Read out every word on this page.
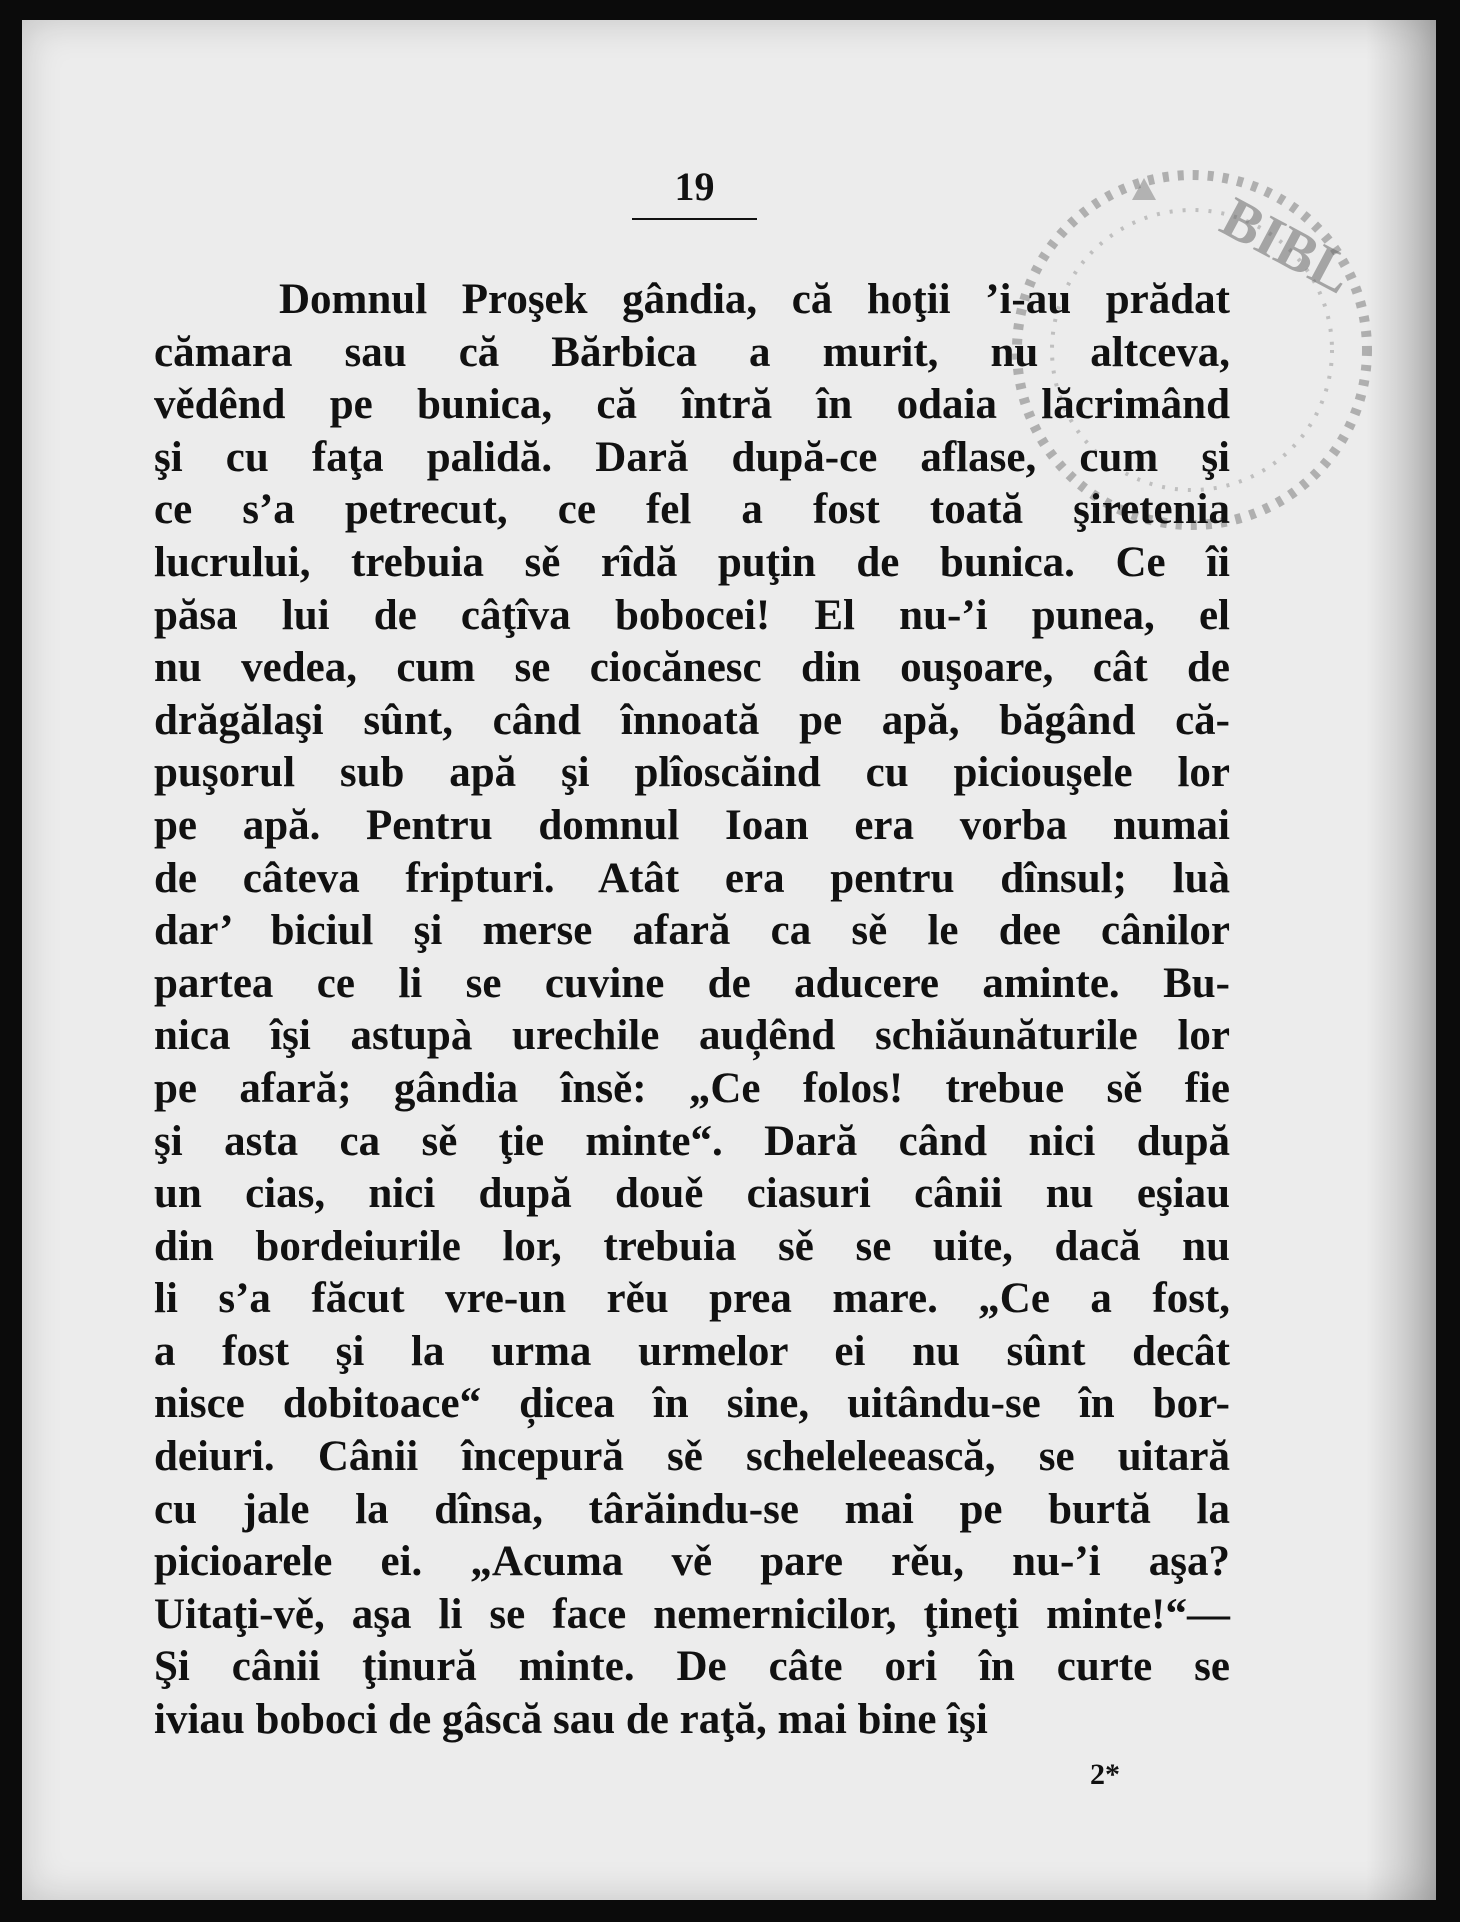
BIBL
19
Domnul Proşek gândia, că hoţii ’i-au prădat
cămara sau că Bărbica a murit, nu altceva,
vědênd pe bunica, că întră în odaia lăcrimând
şi cu faţa palidă. Dară după-ce aflase, cum şi
ce s’a petrecut, ce fel a fost toată şiretenia
lucrului, trebuia sě rîdă puţin de bunica. Ce îi
păsa lui de câţîva bobocei! El nu-’i punea, el
nu vedea, cum se ciocănesc din ouşoare, cât de
drăgălaşi sûnt, când înnoată pe apă, băgând că-
puşorul sub apă şi plîoscăind cu piciouşele lor
pe apă. Pentru domnul Ioan era vorba numai
de câteva fripturi. Atât era pentru dînsul; luà
dar’ biciul şi merse afară ca sě le dee cânilor
partea ce li se cuvine de aducere aminte. Bu-
nica îşi astupà urechile auḑênd schiăunăturile lor
pe afară; gândia însě: „Ce folos! trebue sě fie
şi asta ca sě ţie minte“. Dară când nici după
un cias, nici după douě ciasuri cânii nu eşiau
din bordeiurile lor, trebuia sě se uite, dacă nu
li s’a făcut vre-un rěu prea mare. „Ce a fost,
a fost şi la urma urmelor ei nu sûnt decât
nisce dobitoace“ ḑicea în sine, uitându-se în bor-
deiuri. Cânii începură sě scheleleească, se uitară
cu jale la dînsa, târăindu-se mai pe burtă la
picioarele ei. „Acuma vě pare rěu, nu-’i aşa?
Uitaţi-vě, aşa li se face nemernicilor, ţineţi minte!“—
Şi cânii ţinură minte. De câte ori în curte se
iviau boboci de gâscă sau de raţă, mai bine îşi
2*
